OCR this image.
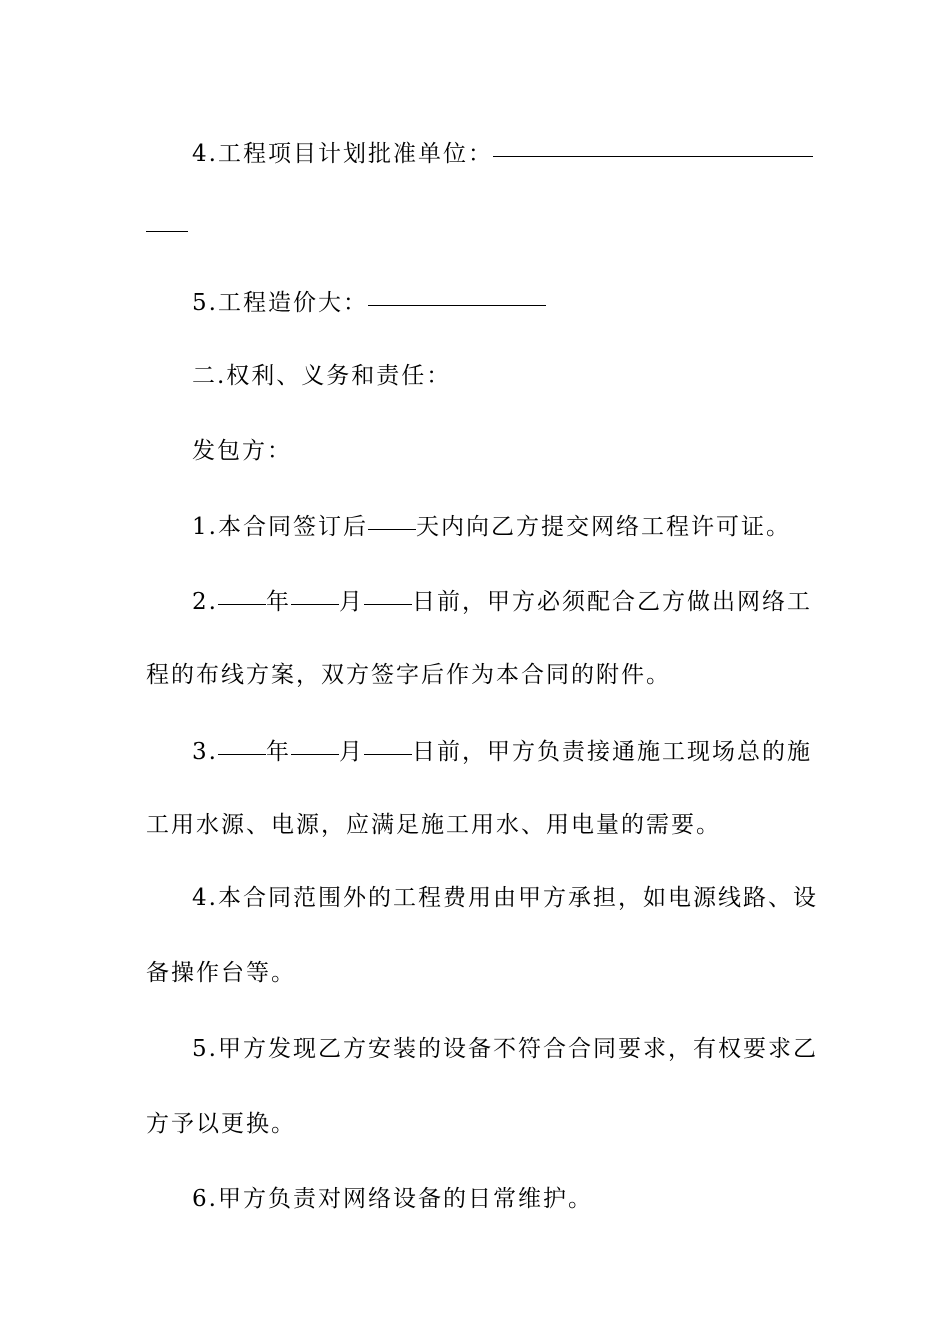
4.工程项目计划批准单位：
5.工程造价大：
二.权利、义务和责任：
发包方：
1.本合同签订后 天内向乙方提交网络工程许可证。
2. 年 月 日前，甲方必须配合乙方做出网络工
程的布线方案，双方签字后作为本合同的附件。
3. 年 月 日前，甲方负责接通施工现场总的施
工用水源、电源，应满足施工用水、用电量的需要。
4.本合同范围外的工程费用由甲方承担，如电源线路、设
备操作台等。
5.甲方发现乙方安装的设备不符合合同要求，有权要求乙
方予以更换。
6.甲方负责对网络设备的日常维护。
